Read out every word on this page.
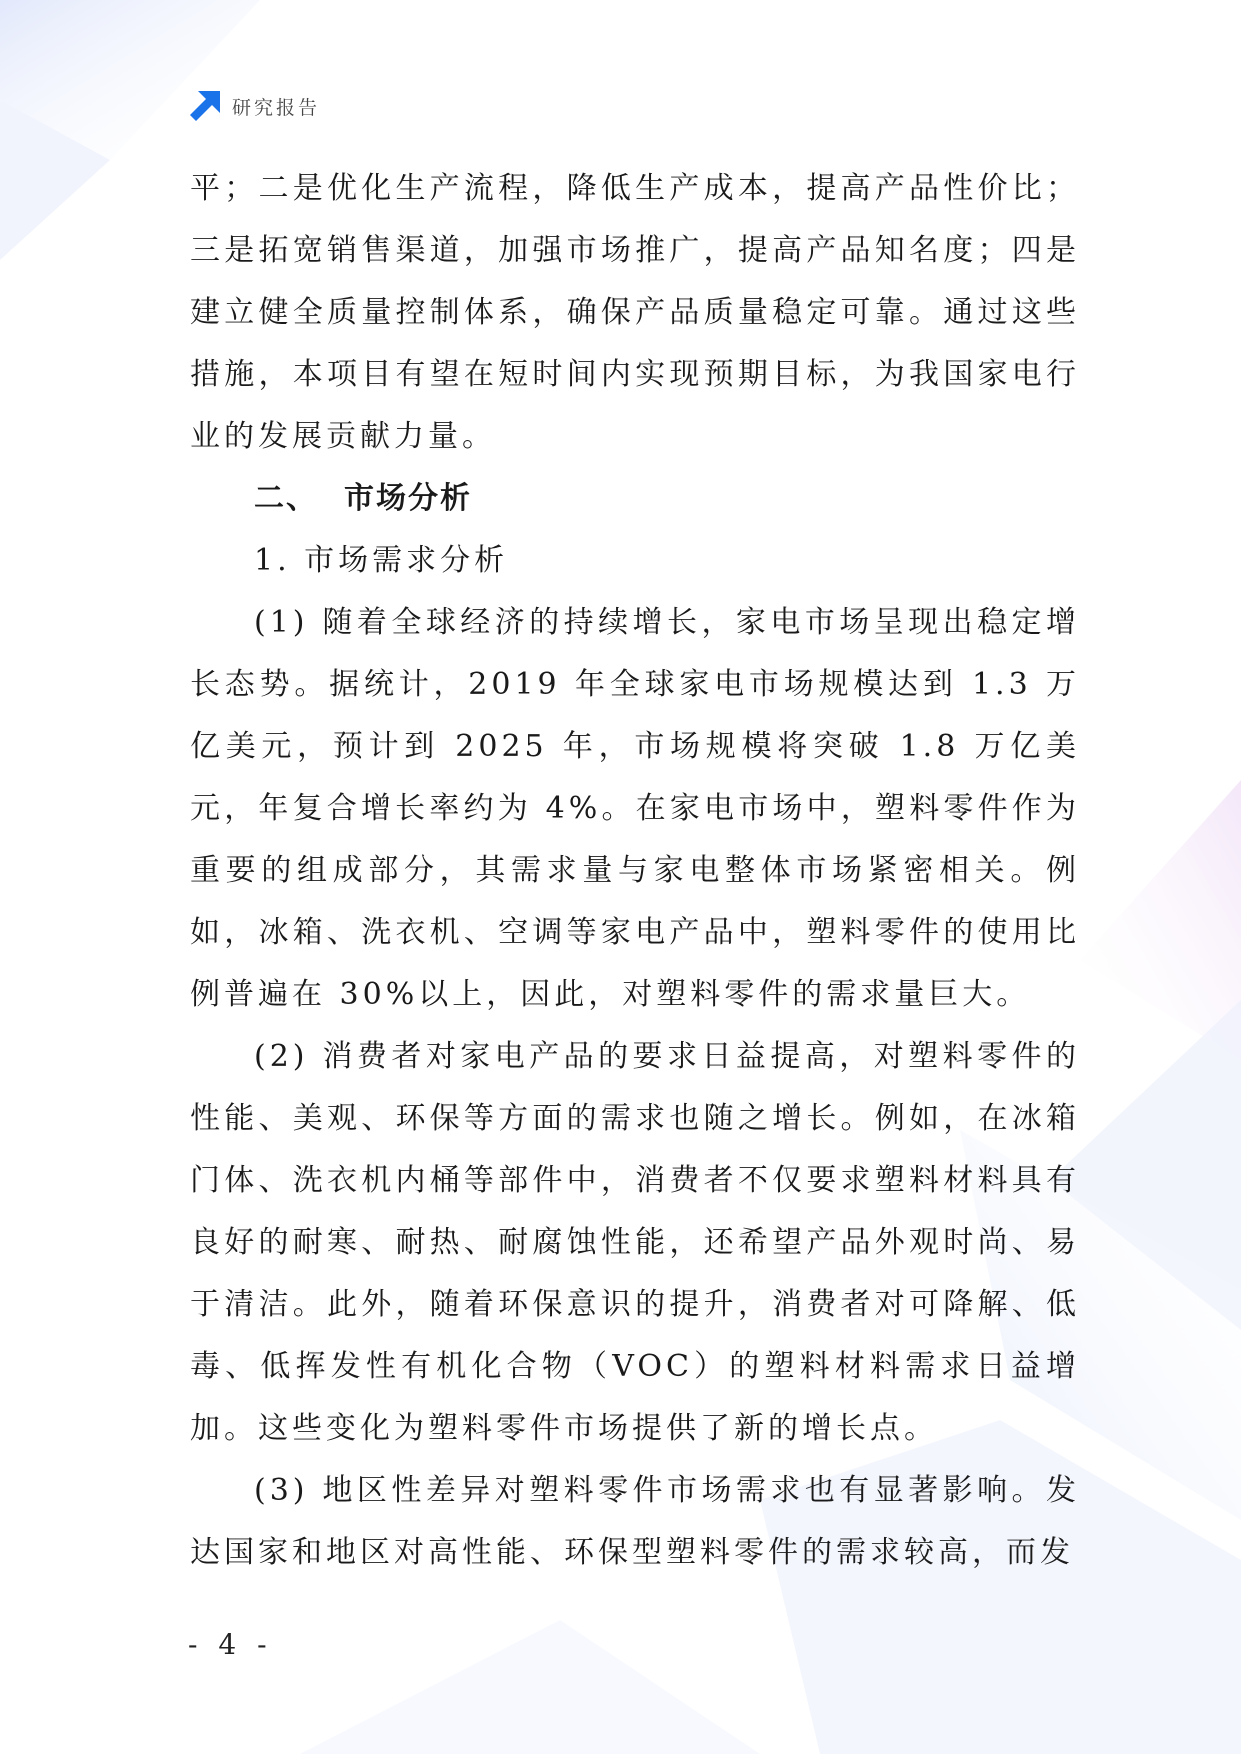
研究报告

平；二是优化生产流程，降低生产成本，提高产品性价比；三是拓宽销售渠道，加强市场推广，提高产品知名度；四是建立健全质量控制体系，确保产品质量稳定可靠。通过这些措施，本项目有望在短时间内实现预期目标，为我国家电行业的发展贡献力量。

二、 市场分析

1. 市场需求分析

(1) 随着全球经济的持续增长，家电市场呈现出稳定增长态势。据统计，2019 年全球家电市场规模达到 1.3 万亿美元，预计到 2025 年，市场规模将突破 1.8 万亿美元，年复合增长率约为 4%。在家电市场中，塑料零件作为重要的组成部分，其需求量与家电整体市场紧密相关。例如，冰箱、洗衣机、空调等家电产品中，塑料零件的使用比例普遍在 30%以上，因此，对塑料零件的需求量巨大。

(2) 消费者对家电产品的要求日益提高，对塑料零件的性能、美观、环保等方面的需求也随之增长。例如，在冰箱门体、洗衣机内桶等部件中，消费者不仅要求塑料材料具有良好的耐寒、耐热、耐腐蚀性能，还希望产品外观时尚、易于清洁。此外，随着环保意识的提升，消费者对可降解、低毒、低挥发性有机化合物（VOC）的塑料材料需求日益增加。这些变化为塑料零件市场提供了新的增长点。

(3) 地区性差异对塑料零件市场需求也有显著影响。发达国家和地区对高性能、环保型塑料零件的需求较高，而发

- 4 -
